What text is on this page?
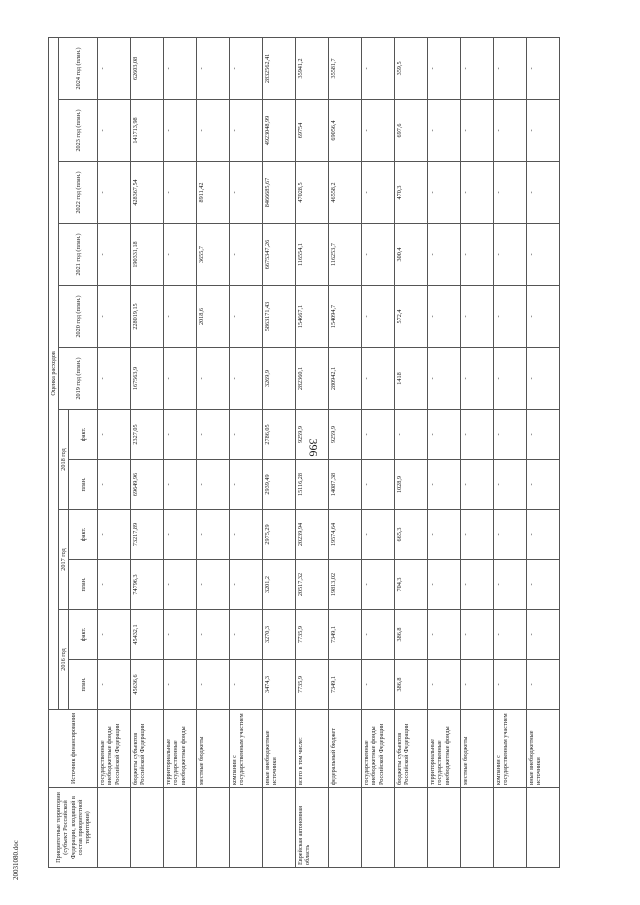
396
Приоритетные территории (субъект Российской Федерации, входящий в состав приоритетной территории)	Источник финансирования	Оценка расходов											
		2016 год		2017 год		2018 год		2019 год (план.)	2020 год (план.)	2021 год (план.)	2022 год (план.)	2023 год (план.)	2024 год (план.)
		план.	факт.	план.	факт.	план.	факт.						
	государственные внебюджетные фонды Российской Федерации	-	-	-	-	-	-	-	-	-	-	-	-
	бюджеты субъектов Российской Федерации	45636,6	45432,1	74796,3	73217,89	69649,96	2327,05	167563,9	228019,15	190331,18	428367,54	141713,98	62603,08
	территориальные государственные внебюджетные фонды	-	-	-	-	-	-	-	-	-	-	-	-
	местные бюджеты	-	-	-	-	-	-	-	2018,6	3655,7	8911,42	-	-
	компании с государственным участием	-	-	-	-	-	-	-	-	-	-	-	-
	иные внебюджетные источники	3474,3	3270,3	3201,2	2975,29	2939,49	2786,05	3269,9	5863171,43	6675347,26	8466685,67	4923048,99	2832562,41
Еврейская автономная область	всего в том числе:	7735,9	7735,9	20517,32	20239,94	15116,28	9259,9	282360,1	154667,1	116554,1	47028,5	69754	35941,2
	федеральный бюджет	7349,1	7349,1	19813,02	19574,64	14087,38	9259,9	280942,1	154094,7	116253,7	46558,2	69056,4	35581,7
	государственные внебюджетные фонды Российской Федерации	-	-	-	-	-	-	-	-	-	-	-	-
	бюджеты субъектов Российской Федерации	386,8	386,8	704,3	665,3	1028,9	-	1418	572,4	300,4	470,3	697,6	359,5
	территориальные государственные внебюджетные фонды	-	-	-	-	-	-	-	-	-	-	-	-
	местные бюджеты	-	-	-	-	-	-	-	-	-	-	-	-
	компании с государственным участием	-	-	-	-	-	-	-	-	-	-	-	-
	иные внебюджетные источники	-	-	-	-	-	-	-	-	-	-	-	-
20031080.doc
